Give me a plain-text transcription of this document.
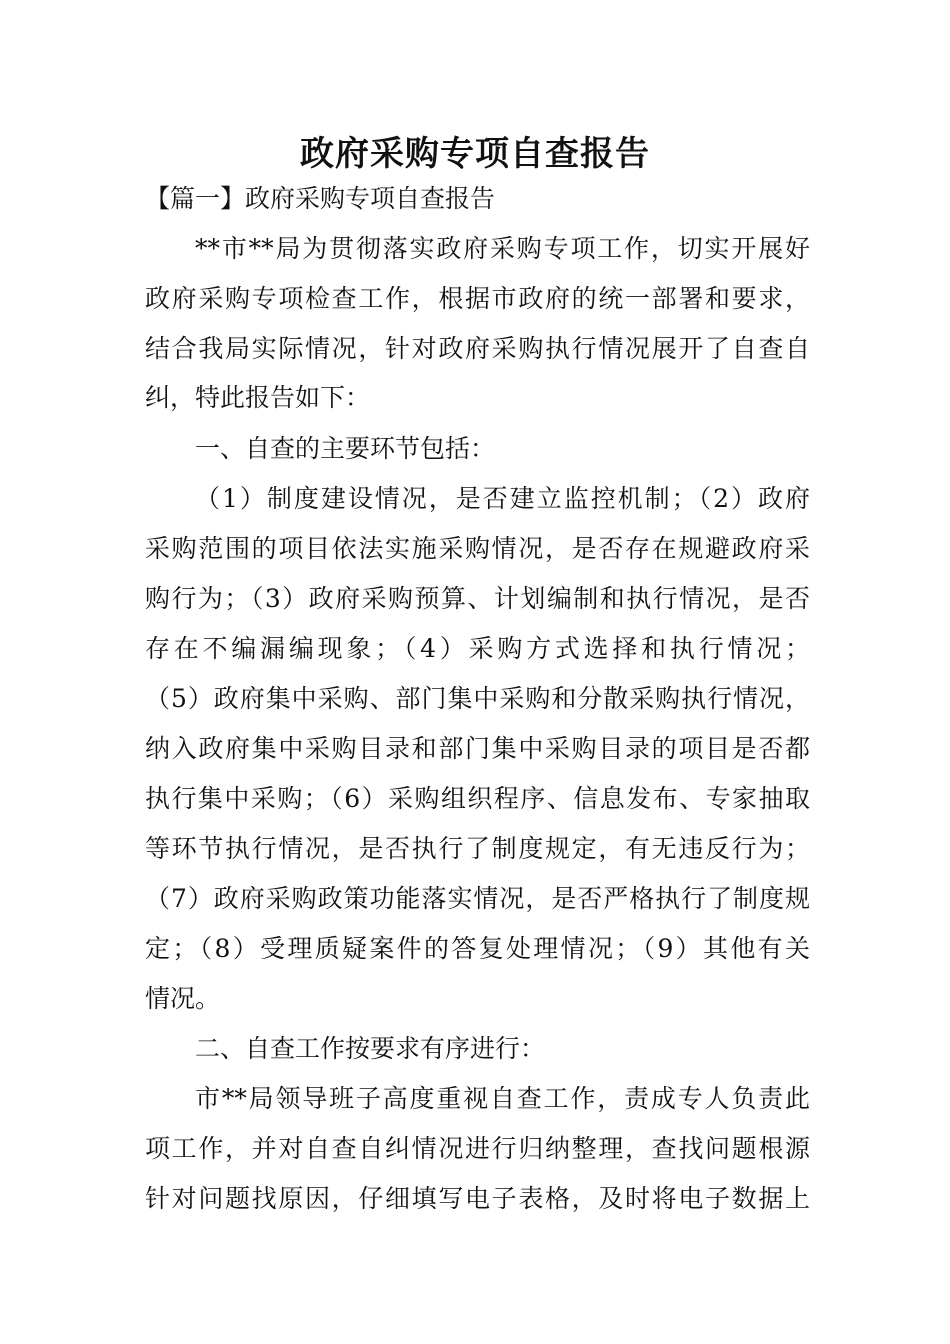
政府采购专项自查报告
【篇一】政府采购专项自查报告
**市**局为贯彻落实政府采购专项工作，切实开展好
政府采购专项检查工作，根据市政府的统一部署和要求，
结合我局实际情况，针对政府采购执行情况展开了自查自
纠，特此报告如下：
一、自查的主要环节包括：
（1）制度建设情况，是否建立监控机制；（2）政府
采购范围的项目依法实施采购情况，是否存在规避政府采
购行为；（3）政府采购预算、计划编制和执行情况，是否
存在不编漏编现象；（4）采购方式选择和执行情况；
（5）政府集中采购、部门集中采购和分散采购执行情况，
纳入政府集中采购目录和部门集中采购目录的项目是否都
执行集中采购；（6）采购组织程序、信息发布、专家抽取
等环节执行情况，是否执行了制度规定，有无违反行为；
（7）政府采购政策功能落实情况，是否严格执行了制度规
定；（8）受理质疑案件的答复处理情况；（9）其他有关
情况。
二、自查工作按要求有序进行：
市**局领导班子高度重视自查工作，责成专人负责此
项工作，并对自查自纠情况进行归纳整理，查找问题根源
针对问题找原因，仔细填写电子表格，及时将电子数据上
